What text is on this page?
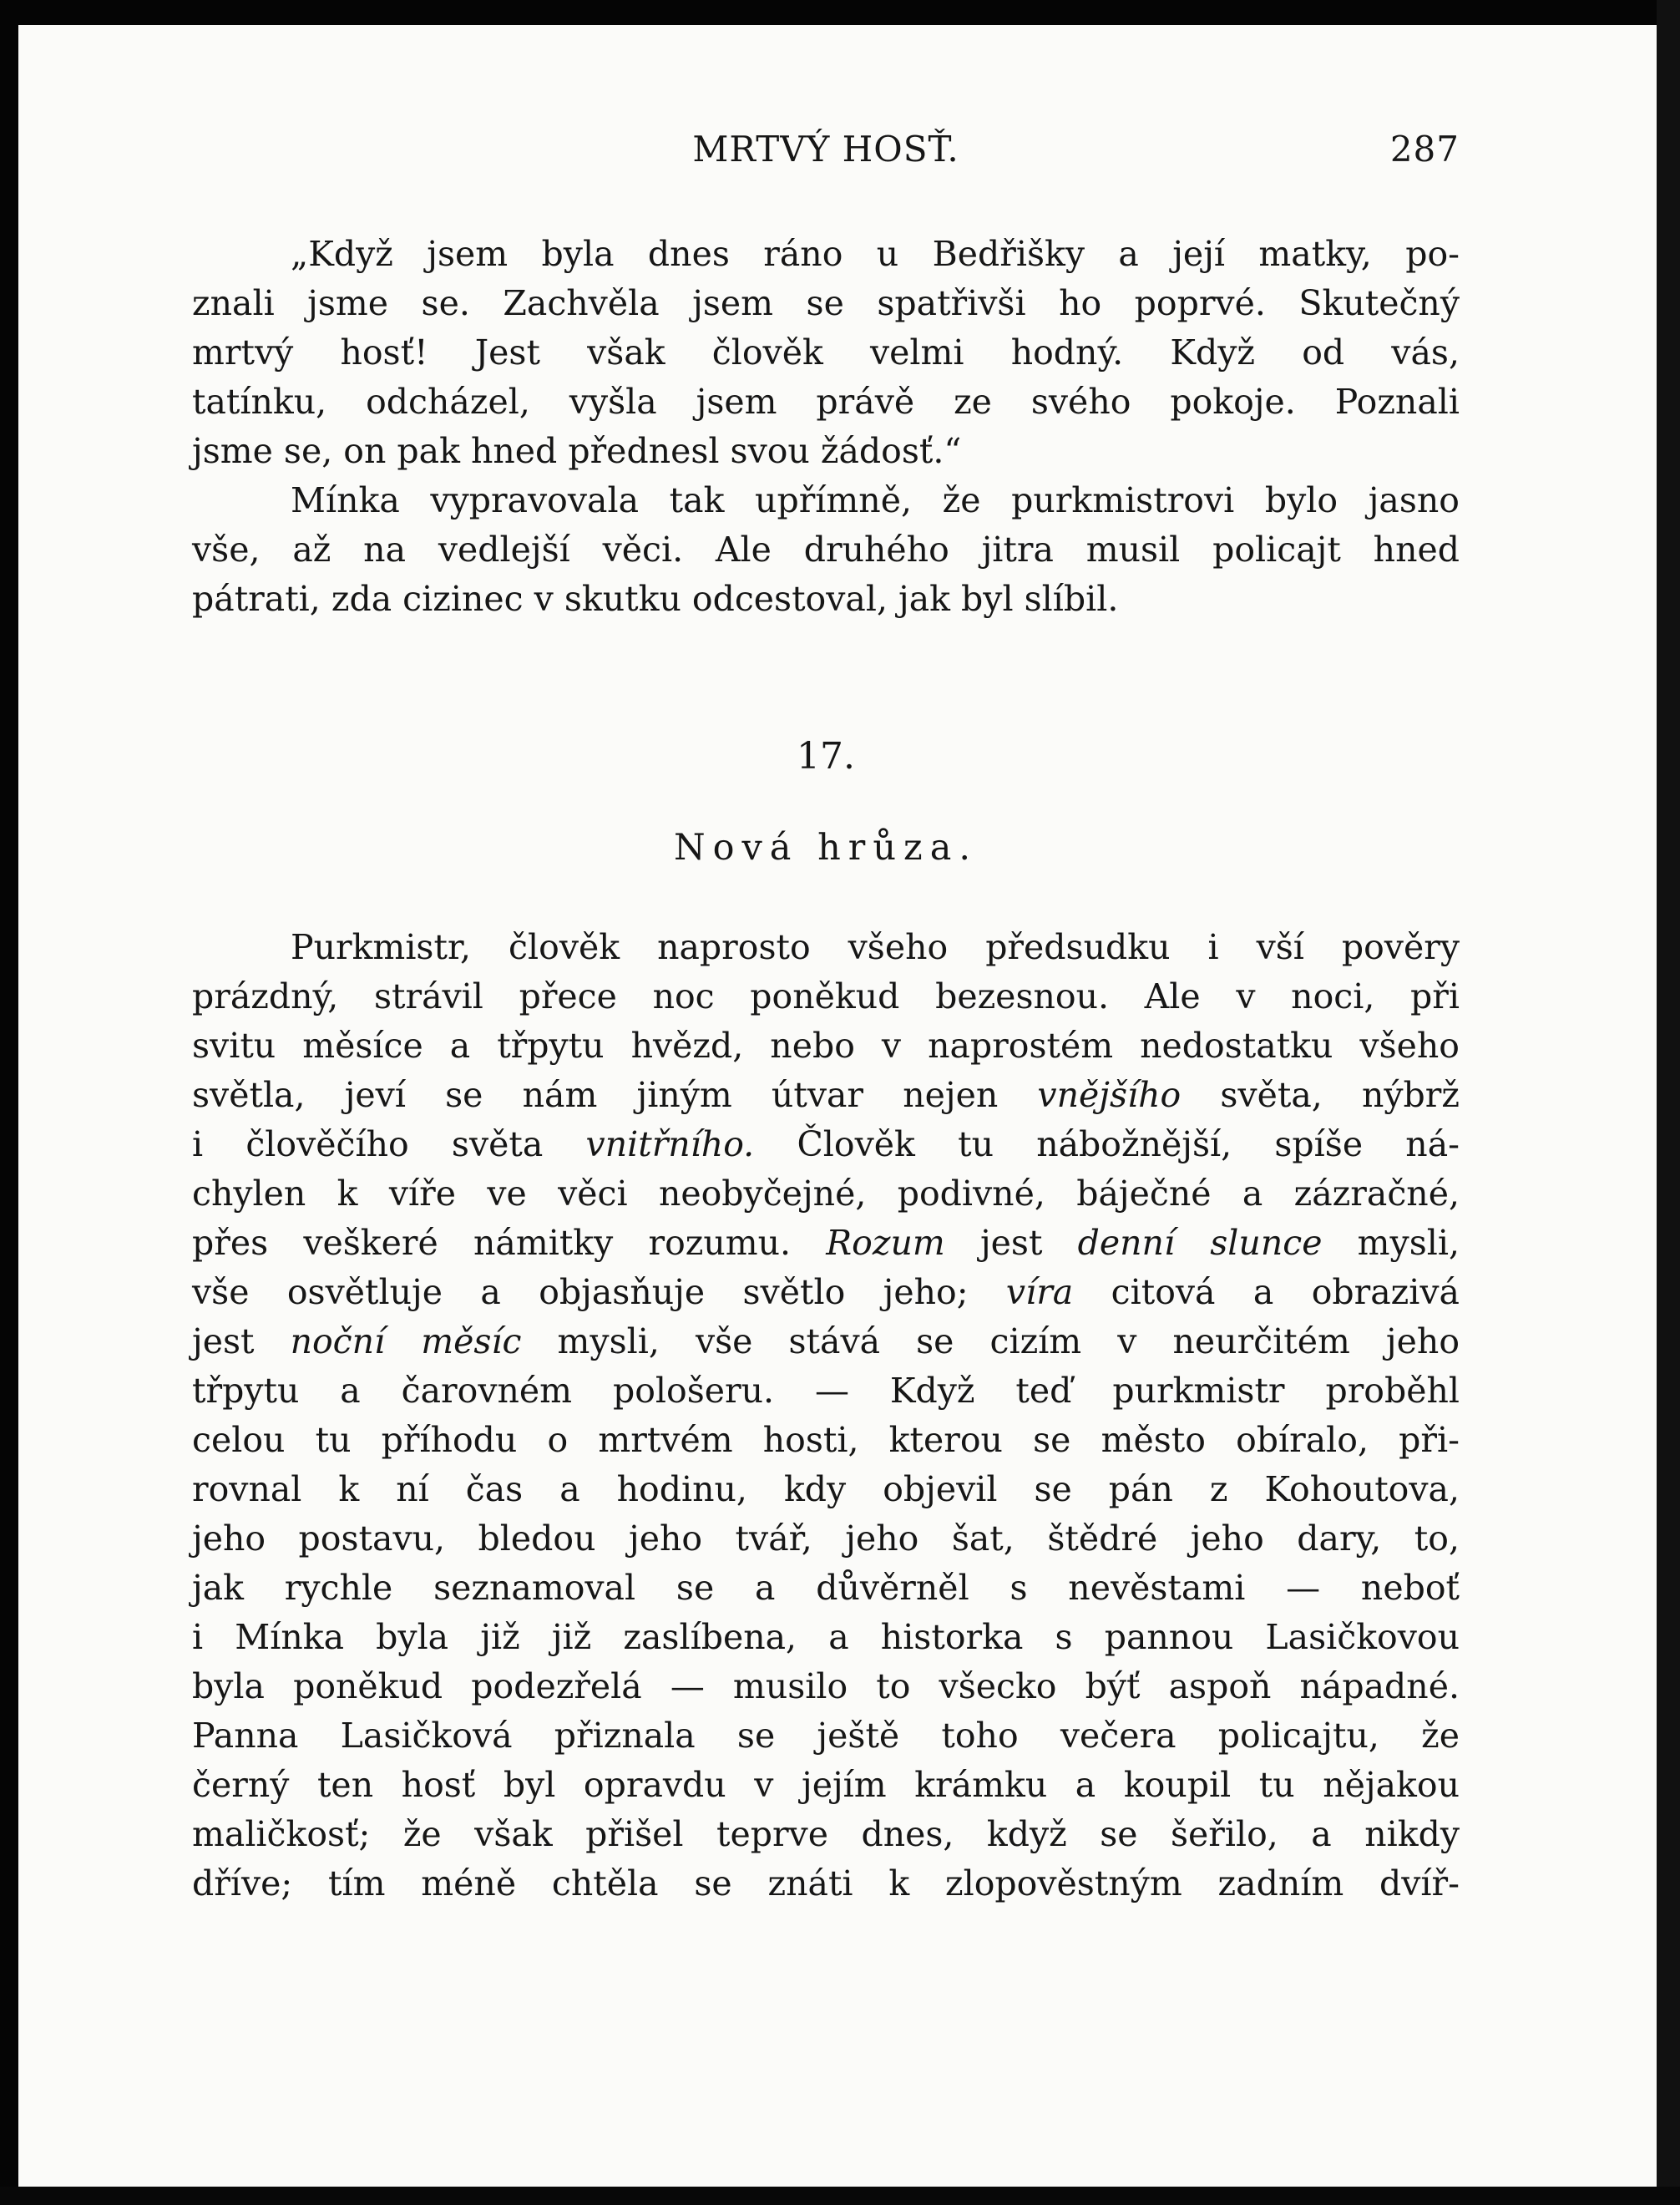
MRTVÝ HOSŤ.	287
„Když jsem byla dnes ráno u Bedřišky a její matky, po-
znali jsme se. Zachvěla jsem se spatřivši ho poprvé. Skutečný
mrtvý hosť! Jest však člověk velmi hodný. Když od vás,
tatínku, odcházel, vyšla jsem právě ze svého pokoje. Poznali
jsme se, on pak hned přednesl svou žádosť.“
Mínka vypravovala tak upřímně, že purkmistrovi bylo jasno
vše, až na vedlejší věci. Ale druhého jitra musil policajt hned
pátrati, zda cizinec v skutku odcestoval, jak byl slíbil.
17.
Nová hrůza.
Purkmistr, člověk naprosto všeho předsudku i vší pověry
prázdný, strávil přece noc poněkud bezesnou. Ale v noci, při
svitu měsíce a třpytu hvězd, nebo v naprostém nedostatku všeho
světla, jeví se nám jiným útvar nejen vnějšího světa, nýbrž
i člověčího světa vnitřního. Člověk tu nábožnější, spíše ná-
chylen k víře ve věci neobyčejné, podivné, báječné a zázračné,
přes veškeré námitky rozumu. Rozum jest denní slunce mysli,
vše osvětluje a objasňuje světlo jeho; víra citová a obrazivá
jest noční měsíc mysli, vše stává se cizím v neurčitém jeho
třpytu a čarovném pološeru. — Když teď purkmistr proběhl
celou tu příhodu o mrtvém hosti, kterou se město obíralo, při-
rovnal k ní čas a hodinu, kdy objevil se pán z Kohoutova,
jeho postavu, bledou jeho tvář, jeho šat, štědré jeho dary, to,
jak rychle seznamoval se a důvěrněl s nevěstami — neboť
i Mínka byla již již zaslíbena, a historka s pannou Lasičkovou
byla poněkud podezřelá — musilo to všecko býť aspoň nápadné.
Panna Lasičková přiznala se ještě toho večera policajtu, že
černý ten hosť byl opravdu v jejím krámku a koupil tu nějakou
maličkosť; že však přišel teprve dnes, když se šeřilo, a nikdy
dříve; tím méně chtěla se znáti k zlopověstným zadním dvíř-
